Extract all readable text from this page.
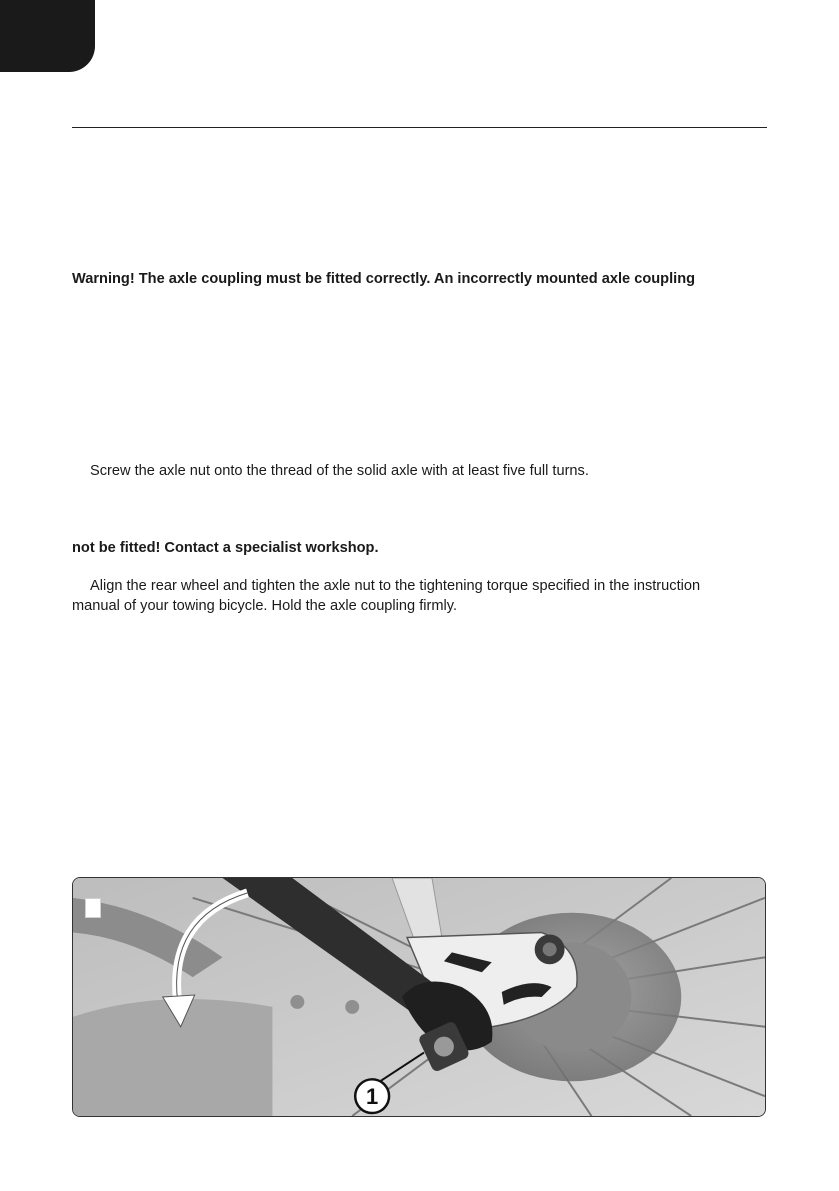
Warning! The axle coupling must be fitted correctly. An incorrectly mounted axle coupling
Screw the axle nut onto the thread of the solid axle with at least five full turns.
not be fitted! Contact a specialist workshop.
Align the rear wheel and tighten the axle nut to the tightening torque specified in the instruction
manual of your towing bicycle. Hold the axle coupling firmly.
1
